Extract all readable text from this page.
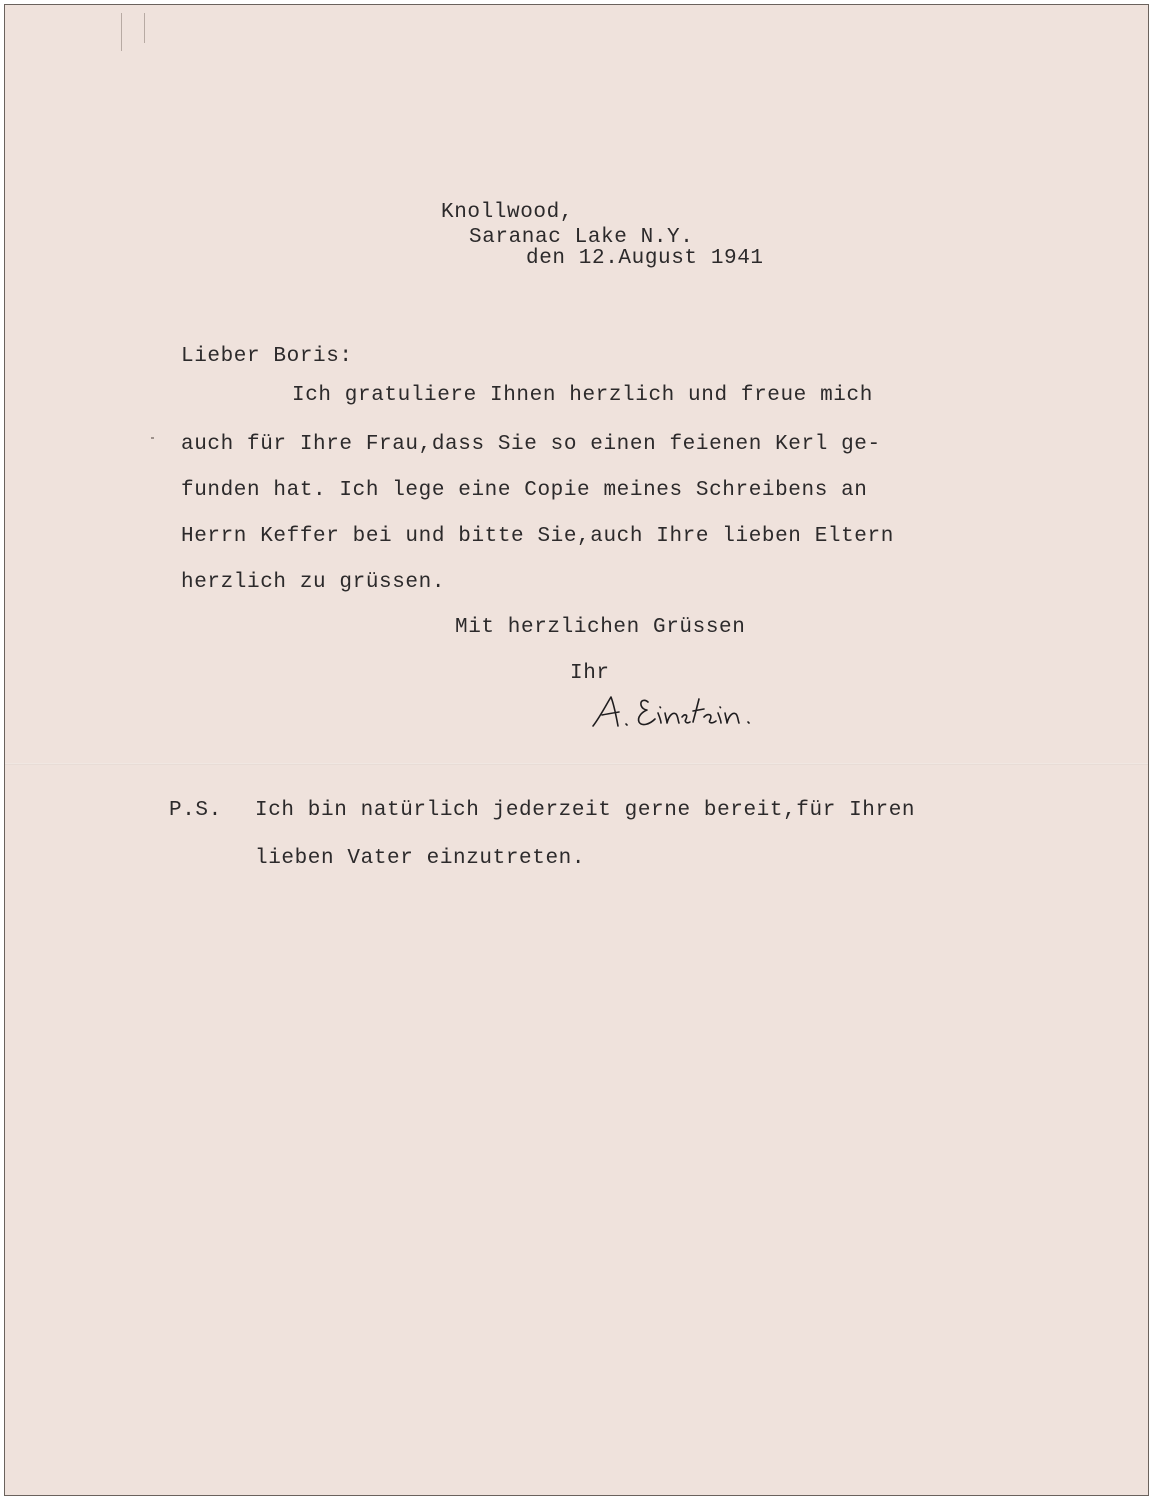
Knollwood,

Saranac Lake N.Y.

den 12.August 1941

Lieber Boris:

Ich gratuliere Ihnen herzlich und freue mich

auch für Ihre Frau,dass Sie so einen feienen Kerl ge-

funden hat. Ich lege eine Copie meines Schreibens an

Herrn Keffer bei und bitte Sie,auch Ihre lieben Eltern

herzlich zu grüssen.

Mit herzlichen Grüssen

Ihr

P.S. Ich bin natürlich jederzeit gerne bereit,für Ihren

lieben Vater einzutreten.
